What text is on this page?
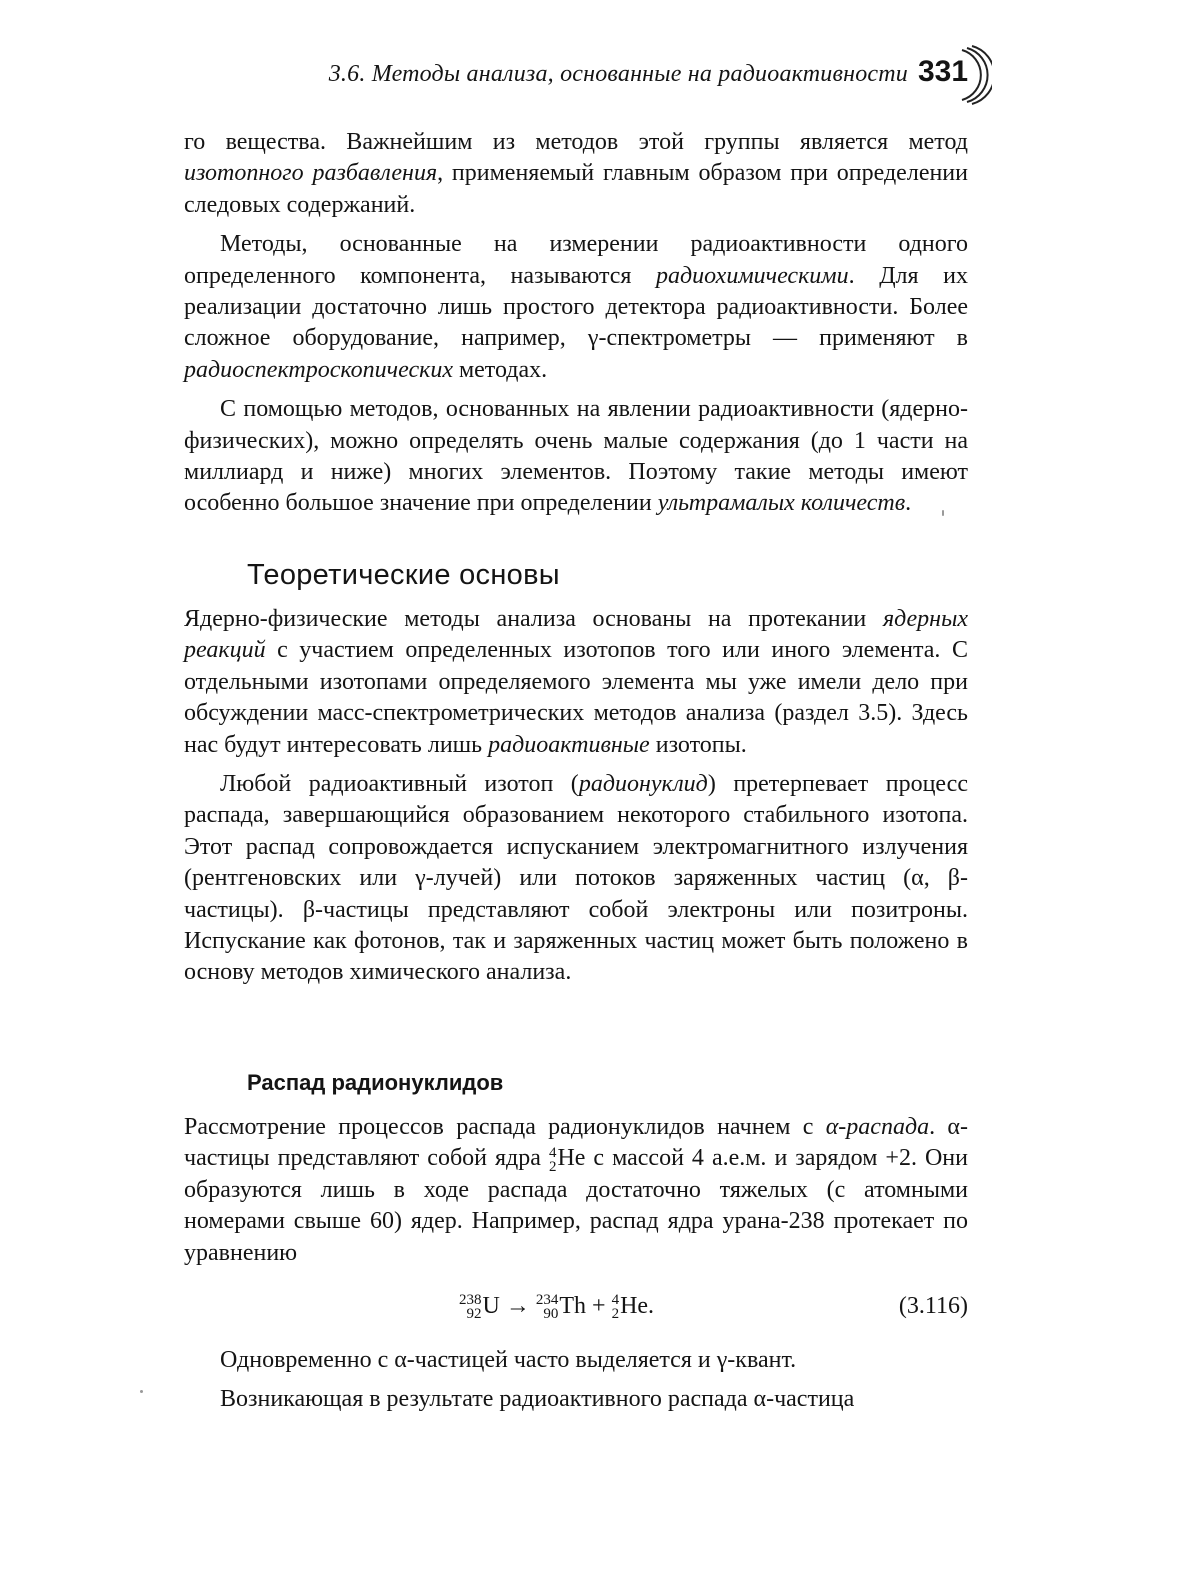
3.6. Методы анализа, основанные на радиоактивности 331

го вещества. Важнейшим из методов этой группы является метод изотопного разбавления, применяемый главным образом при определении следовых содержаний.

Методы, основанные на измерении радиоактивности одного определенного компонента, называются радиохимическими. Для их реализации достаточно лишь простого детектора радиоактивности. Более сложное оборудование, например, γ-спектрометры — применяют в радиоспектроскопических методах.

С помощью методов, основанных на явлении радиоактивности (ядерно-физических), можно определять очень малые содержания (до 1 части на миллиард и ниже) многих элементов. Поэтому такие методы имеют особенно большое значение при определении ультрамалых количеств.

Теоретические основы

Ядерно-физические методы анализа основаны на протекании ядерных реакций с участием определенных изотопов того или иного элемента. С отдельными изотопами определяемого элемента мы уже имели дело при обсуждении масс-спектрометрических методов анализа (раздел 3.5). Здесь нас будут интересовать лишь радиоактивные изотопы.

Любой радиоактивный изотоп (радионуклид) претерпевает процесс распада, завершающийся образованием некоторого стабильного изотопа. Этот распад сопровождается испусканием электромагнитного излучения (рентгеновских или γ-лучей) или потоков заряженных частиц (α, β-частицы). β-частицы представляют собой электроны или позитроны. Испускание как фотонов, так и заряженных частиц может быть положено в основу методов химического анализа.

Распад радионуклидов

Рассмотрение процессов распада радионуклидов начнем с α-распада. α-частицы представляют собой ядра 4
2 He с массой 4 а.е.м. и зарядом +2. Они образуются лишь в ходе распада достаточно тяжелых (с атомными номерами свыше 60) ядер. Например, распад ядра урана-238 протекает по уравнению

238
92 U → 234
90 Th + 4
2 He.	(3.116)

Одновременно с α-частицей часто выделяется и γ-квант.

Возникающая в результате радиоактивного распада α-частица
